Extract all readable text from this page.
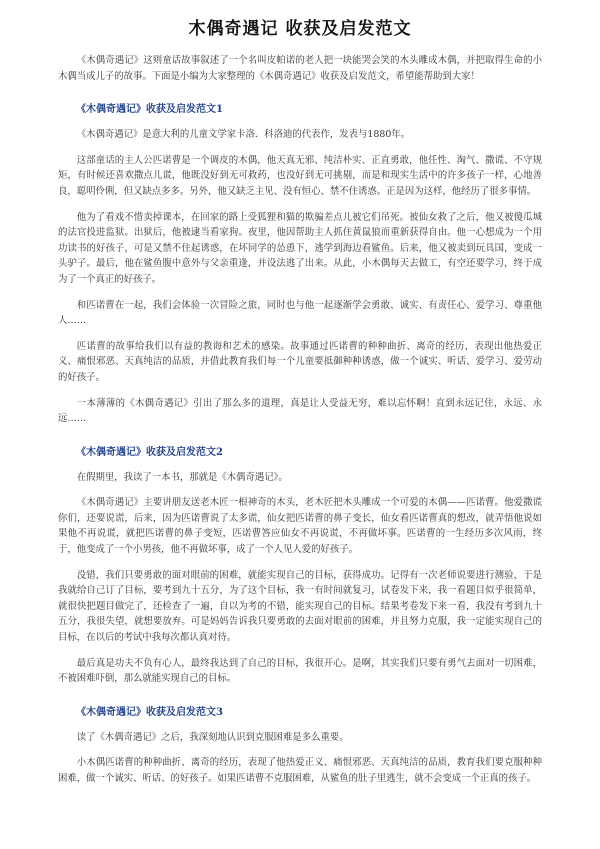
木偶奇遇记 收获及启发范文

《木偶奇遇记》这则童话故事叙述了一个名叫皮帕诺的老人把一块能哭会笑的木头雕成木偶，并把取得生命的小木偶当成儿子的故事。下面是小编为大家整理的《木偶奇遇记》收获及启发范文，希望能帮助到大家！

《木偶奇遇记》收获及启发范文1

《木偶奇遇记》是意大利的儿童文学家卡洛．科洛迪的代表作，发表与1880年。

这部童话的主人公匹诺曹是一个调皮的木偶，他天真无邪、纯洁朴实、正直勇敢，他任性、淘气、撒谎、不守规矩，有时候还喜欢撒点儿谎，他既没好到无可救药，也没好到无可挑剔，而是和现实生活中的许多孩子一样，心地善良，聪明伶俐，但又缺点多多。另外，他又缺乏主见、没有恒心、禁不住诱惑。正是因为这样，他经历了很多事情。

他为了看戏不惜卖掉课本，在回家的路上受狐狸和猫的欺骗差点儿被它们吊死。被仙女救了之后，他又被傻瓜城的法官投进监狱。出狱后，他被逮当看家狗。夜里，他因帮助主人抓住黄鼠狼而重新获得自由。他一心想成为一个用功读书的好孩子，可是又禁不住起诱惑，在坏同学的怂恿下，逃学到海边看鲨鱼。后来，他又被卖到玩具国，变成一头驴子。最后，他在鲨鱼腹中意外与父亲重逢，并设法逃了出来。从此，小木偶每天去做工，有空还要学习，终于成为了一个真正的好孩子。

和匹诺曹在一起，我们会体验一次冒险之旅，同时也与他一起逐渐学会勇敢、诚实、有责任心、爱学习、尊重他人……

匹诺曹的故事给我们以有益的教诲和艺术的感染。故事通过匹诺曹的种种曲折、离奇的经历，表现出他热爱正义、痛恨邪恶、天真纯洁的品质，并借此教育我们每一个儿童要抵御种种诱惑，做一个诚实、听话、爱学习、爱劳动的好孩子。

一本薄薄的《木偶奇遇记》引出了那么多的道理，真是让人受益无穷，难以忘怀啊！直到永远记住，永远、永远……

《木偶奇遇记》收获及启发范文2

在假期里，我读了一本书，那就是《木偶奇遇记》。

《木偶奇遇记》主要讲朋友送老木匠一根神奇的木头，老木匠把木头雕成一个可爱的木偶——匹诺曹。他爱撒谎你们，还要说谎，后来，因为匹诺曹说了太多谎，仙女把匹诺曹的鼻子变长，仙女看匹诺曹真的想改，就弄悟他说如果他不再说谎，就把匹诺曹的鼻子变短，匹诺曹答应仙女不再说谎，不再做坏事。匹诺曹的一生经历多次风雨，终于，他变成了一个小男孩，他不再做坏事，成了一个人见人爱的好孩子。

没错，我们只要勇敢的面对眼前的困难，就能实现自己的目标，获得成功。记得有一次老师说要进行测验，于是我就给自己订了目标，要考到九十五分，为了这个目标，我一有时间就复习，试卷发下来，我一看题目似乎很简单，就很快把题目做完了，还检查了一遍，自以为考的不错，能实现自己的目标。结果考卷发下来一看，我没有考到九十五分，我很失望，就想要放弃。可是妈妈告诉我只要勇敢的去面对眼前的困难，并且努力克服，我一定能实现自己的目标，在以后的考试中我每次都认真对待。

最后真是功夫不负有心人，最终我达到了自己的目标，我很开心。是啊，其实我们只要有勇气去面对一切困难，不被困难吓倒，那么就能实现自己的目标。

《木偶奇遇记》收获及启发范文3

读了《木偶奇遇记》之后，我深刻地认识到克服困难是多么重要。

小木偶匹诺曹的种种曲折、离奇的经历，表现了他热爱正义、痛恨邪恶、天真纯洁的品质，教育我们要克服种种困难，做一个诚实、听话、的好孩子。如果匹诺曹不克服困难，从鲨鱼的肚子里逃生，就不会变成一个正真的孩子。
